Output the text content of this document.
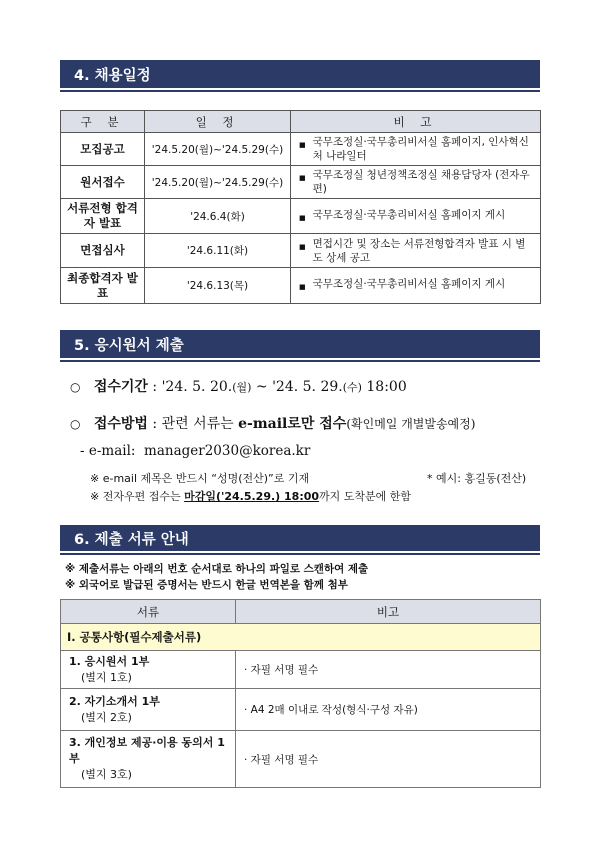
4. 채용일정
구 분	일 정	비 고
모집공고	'24.5.20(월)~'24.5.29(수)	■ 국무조정실·국무총리비서실 홈페이지, 인사혁신처 나라일터

원서접수	'24.5.20(월)~'24.5.29(수)	■ 국무조정실 청년정책조정실 채용담당자 (전자우편)

서류전형 합격자 발표	'24.6.4(화)	■ 국무조정실·국무총리비서실 홈페이지 게시

면접심사	'24.6.11(화)	■ 면접시간 및 장소는 서류전형합격자 발표 시 별도 상세 공고

최종합격자 발표	'24.6.13(목)	■ 국무조정실·국무총리비서실 홈페이지 게시
5. 응시원서 제출
○ 접수기간 : '24. 5. 20.(월) ~ '24. 5. 29.(수) 18:00
○ 접수방법 : 관련 서류는 e-mail로만 접수(확인메일 개별발송예정)
- e-mail: manager2030@korea.kr
※ e-mail 제목은 반드시 “성명(전산)”로 기재	* 예시: 홍길동(전산)
※ 전자우편 접수는 마감일('24.5.29.) 18:00까지 도착분에 한함
6. 제출 서류 안내
※ 제출서류는 아래의 번호 순서대로 하나의 파일로 스캔하여 제출
※ 외국어로 발급된 증명서는 반드시 한글 번역본을 함께 첨부
서류	비고
Ⅰ. 공통사항(필수제출서류)	

1. 응시원서 1부
(별지 1호)	· 자필 서명 필수

2. 자기소개서 1부
(별지 2호)	· A4 2매 이내로 작성(형식·구성 자유)

3. 개인정보 제공·이용 동의서 1부
(별지 3호)	· 자필 서명 필수
